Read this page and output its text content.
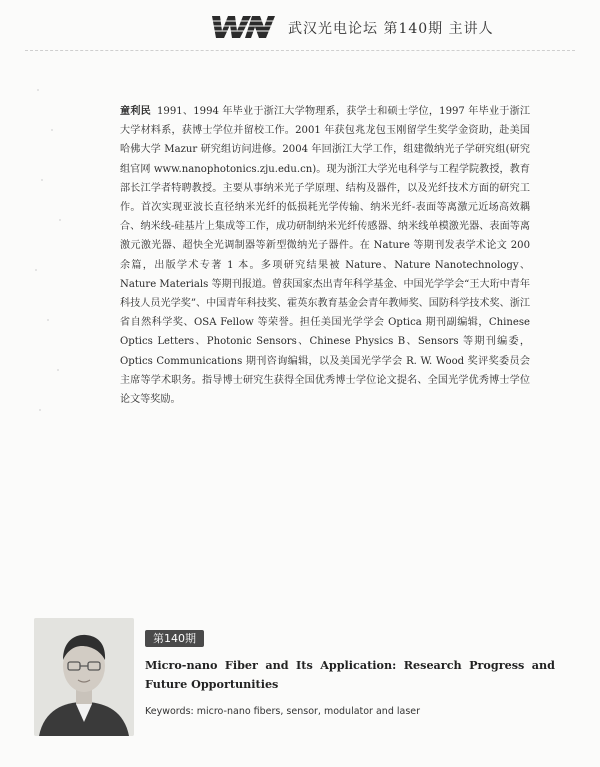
武汉光电论坛 第140期 主讲人
童利民 1991、1994 年毕业于浙江大学物理系，获学士和硕士学位，1997 年毕业于浙江大学材料系，获博士学位并留校工作。2001 年获包兆龙包玉刚留学生奖学金资助，赴美国哈佛大学 Mazur 研究组访问进修。2004 年回浙江大学工作，组建微纳光子学研究组(研究组官网 www.nanophotonics.zju.edu.cn)。现为浙江大学光电科学与工程学院教授，教育部长江学者特聘教授。主要从事纳米光子学原理、结构及器件，以及光纤技术方面的研究工作。首次实现亚波长直径纳米光纤的低损耗光学传输、纳米光纤-表面等离激元近场高效耦合、纳米线-硅基片上集成等工作，成功研制纳米光纤传感器、纳米线单模激光器、表面等离激元激光器、超快全光调制器等新型微纳光子器件。在 Nature 等期刊发表学术论文 200 余篇，出版学术专著 1 本。多项研究结果被 Nature、Nature Nanotechnology、Nature Materials 等期刊报道。曾获国家杰出青年科学基金、中国光学学会“王大珩中青年科技人员光学奖”、中国青年科技奖、霍英东教育基金会青年教师奖、国防科学技术奖、浙江省自然科学奖、OSA Fellow 等荣誉。担任美国光学学会 Optica 期刊副编辑，Chinese Optics Letters、Photonic Sensors、Chinese Physics B、Sensors 等期刊编委，Optics Communications 期刊咨询编辑，以及美国光学学会 R. W. Wood 奖评奖委员会主席等学术职务。指导博士研究生获得全国优秀博士学位论文提名、全国光学优秀博士学位论文等奖励。
第140期
Micro-nano Fiber and Its Application: Research Progress and Future Opportunities
Keywords: micro-nano fibers, sensor, modulator and laser
